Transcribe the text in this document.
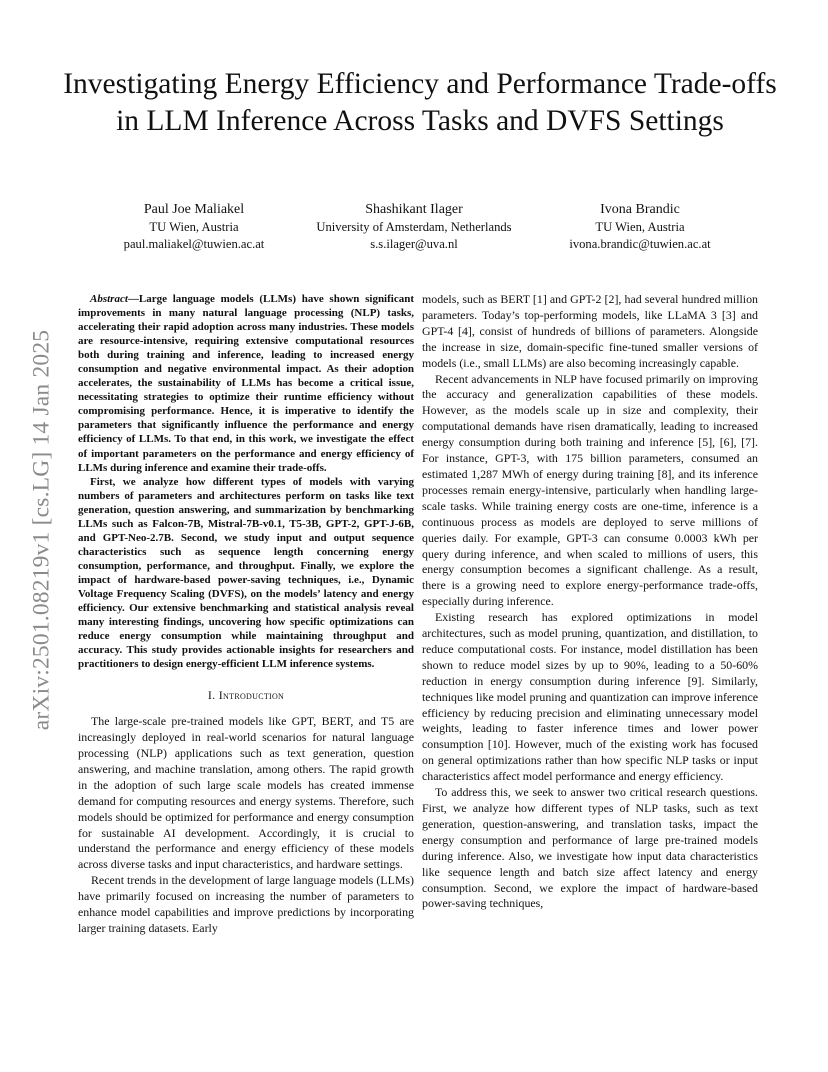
arXiv:2501.08219v1 [cs.LG] 14 Jan 2025
Investigating Energy Efficiency and Performance Trade-offs in LLM Inference Across Tasks and DVFS Settings
Paul Joe Maliakel
TU Wien, Austria
paul.maliakel@tuwien.ac.at
Shashikant Ilager
University of Amsterdam, Netherlands
s.s.ilager@uva.nl
Ivona Brandic
TU Wien, Austria
ivona.brandic@tuwien.ac.at

Abstract—Large language models (LLMs) have shown significant improvements in many natural language processing (NLP) tasks, accelerating their rapid adoption across many industries. These models are resource-intensive, requiring extensive computational resources both during training and inference, leading to increased energy consumption and negative environmental impact. As their adoption accelerates, the sustainability of LLMs has become a critical issue, necessitating strategies to optimize their runtime efficiency without compromising performance. Hence, it is imperative to identify the parameters that significantly influence the performance and energy efficiency of LLMs. To that end, in this work, we investigate the effect of important parameters on the performance and energy efficiency of LLMs during inference and examine their trade-offs.

First, we analyze how different types of models with varying numbers of parameters and architectures perform on tasks like text generation, question answering, and summarization by benchmarking LLMs such as Falcon-7B, Mistral-7B-v0.1, T5-3B, GPT-2, GPT-J-6B, and GPT-Neo-2.7B. Second, we study input and output sequence characteristics such as sequence length concerning energy consumption, performance, and throughput. Finally, we explore the impact of hardware-based power-saving techniques, i.e., Dynamic Voltage Frequency Scaling (DVFS), on the models’ latency and energy efficiency. Our extensive benchmarking and statistical analysis reveal many interesting findings, uncovering how specific optimizations can reduce energy consumption while maintaining throughput and accuracy. This study provides actionable insights for researchers and practitioners to design energy-efficient LLM inference systems.

I. Introduction

The large-scale pre-trained models like GPT, BERT, and T5 are increasingly deployed in real-world scenarios for natural language processing (NLP) applications such as text generation, question answering, and machine translation, among others. The rapid growth in the adoption of such large scale models has created immense demand for computing resources and energy systems. Therefore, such models should be optimized for performance and energy consumption for sustainable AI development. Accordingly, it is crucial to understand the performance and energy efficiency of these models across diverse tasks and input characteristics, and hardware settings.

Recent trends in the development of large language models (LLMs) have primarily focused on increasing the number of parameters to enhance model capabilities and improve predictions by incorporating larger training datasets. Early

models, such as BERT [1] and GPT-2 [2], had several hundred million parameters. Today’s top-performing models, like LLaMA 3 [3] and GPT-4 [4], consist of hundreds of billions of parameters. Alongside the increase in size, domain-specific fine-tuned smaller versions of models (i.e., small LLMs) are also becoming increasingly capable.

Recent advancements in NLP have focused primarily on improving the accuracy and generalization capabilities of these models. However, as the models scale up in size and complexity, their computational demands have risen dramatically, leading to increased energy consumption during both training and inference [5], [6], [7]. For instance, GPT-3, with 175 billion parameters, consumed an estimated 1,287 MWh of energy during training [8], and its inference processes remain energy-intensive, particularly when handling large-scale tasks. While training energy costs are one-time, inference is a continuous process as models are deployed to serve millions of queries daily. For example, GPT-3 can consume 0.0003 kWh per query during inference, and when scaled to millions of users, this energy consumption becomes a significant challenge. As a result, there is a growing need to explore energy-performance trade-offs, especially during inference.

Existing research has explored optimizations in model architectures, such as model pruning, quantization, and distillation, to reduce computational costs. For instance, model distillation has been shown to reduce model sizes by up to 90%, leading to a 50-60% reduction in energy consumption during inference [9]. Similarly, techniques like model pruning and quantization can improve inference efficiency by reducing precision and eliminating unnecessary model weights, leading to faster inference times and lower power consumption [10]. However, much of the existing work has focused on general optimizations rather than how specific NLP tasks or input characteristics affect model performance and energy efficiency.

To address this, we seek to answer two critical research questions. First, we analyze how different types of NLP tasks, such as text generation, question-answering, and translation tasks, impact the energy consumption and performance of large pre-trained models during inference. Also, we investigate how input data characteristics like sequence length and batch size affect latency and energy consumption. Second, we explore the impact of hardware-based power-saving techniques,
